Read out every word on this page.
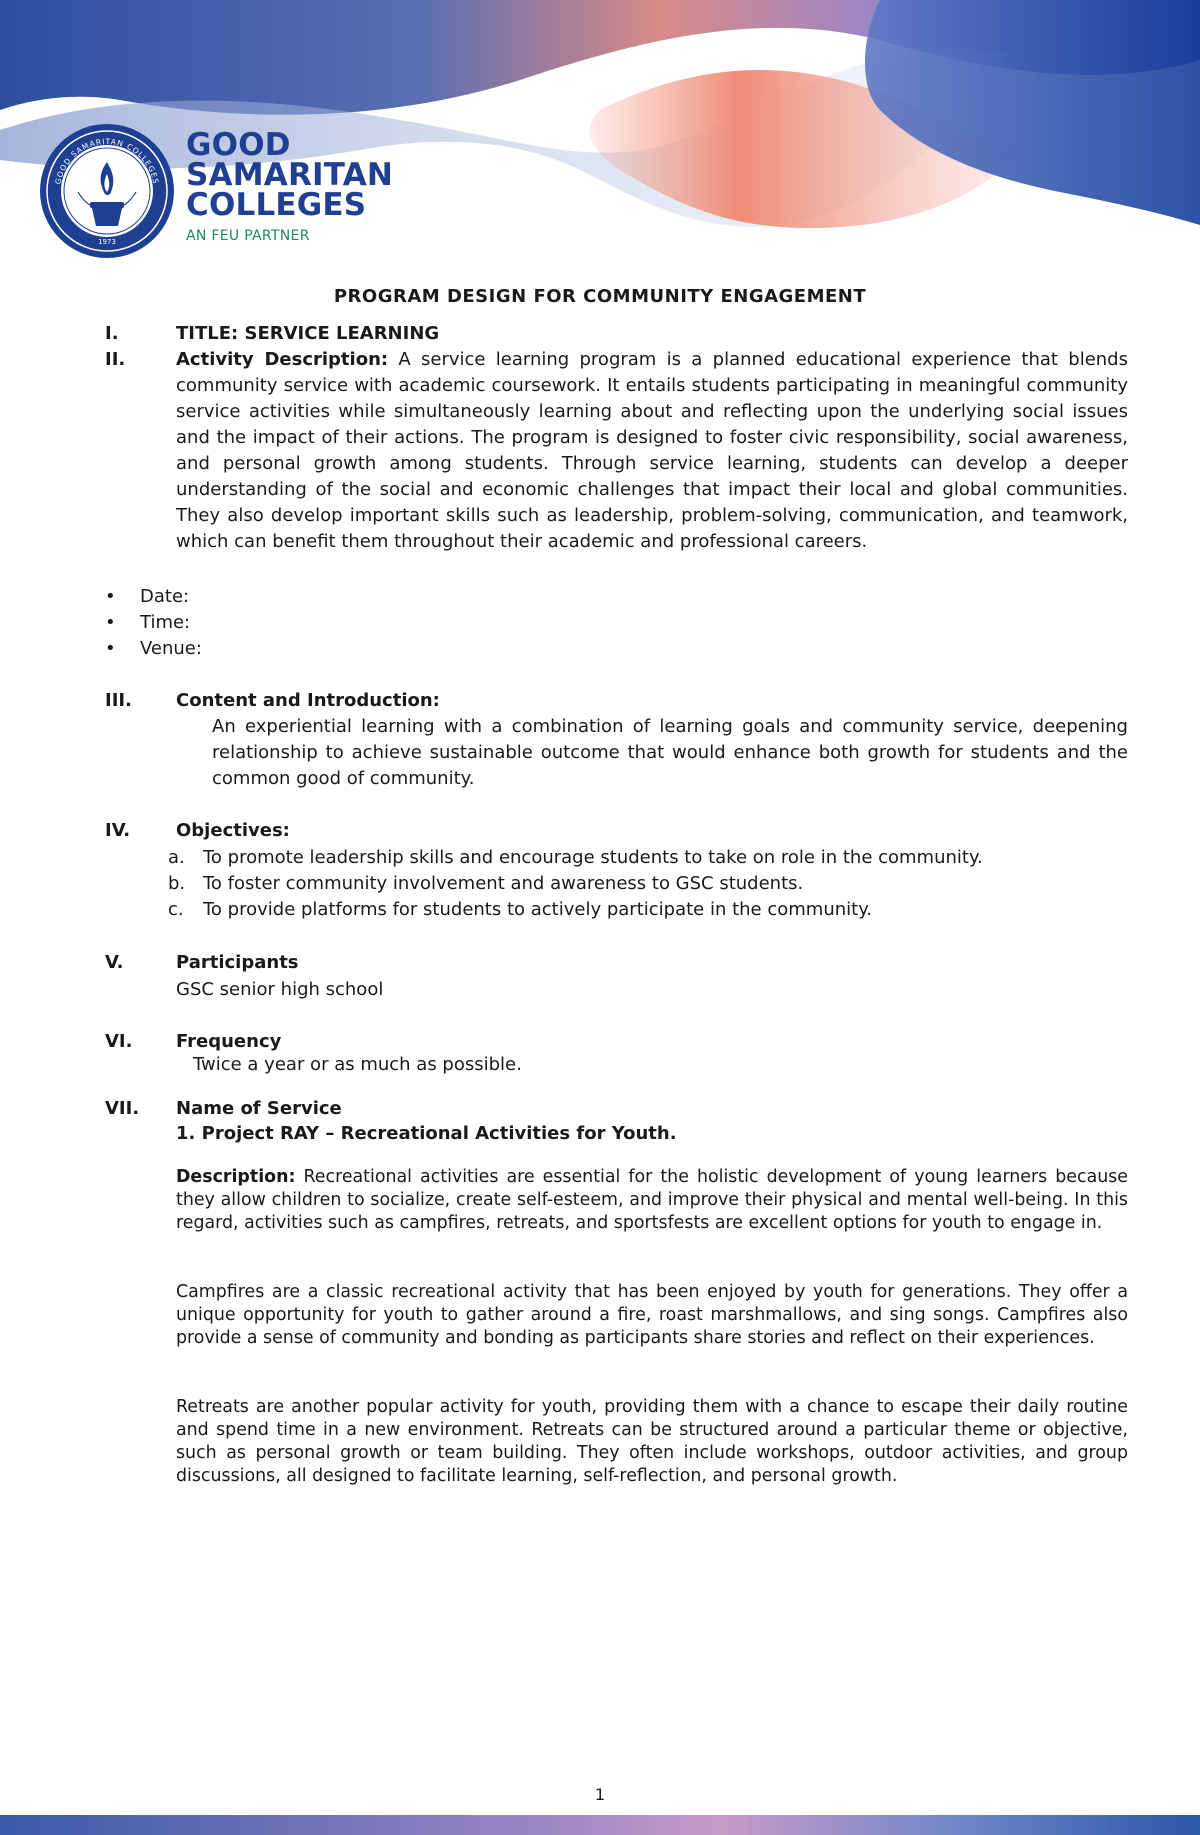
1973
GOOD SAMARITAN COLLEGES
GOOD
SAMARITAN
COLLEGES
AN FEU PARTNER
PROGRAM DESIGN FOR COMMUNITY ENGAGEMENT
I.	TITLE: SERVICE LEARNING
II.	Activity Description: A service learning program is a planned educational experience that blends community service with academic coursework. It entails students participating in meaningful community service activities while simultaneously learning about and reflecting upon the underlying social issues and the impact of their actions. The program is designed to foster civic responsibility, social awareness, and personal growth among students. Through service learning, students can develop a deeper understanding of the social and economic challenges that impact their local and global communities. They also develop important skills such as leadership, problem-solving, communication, and teamwork, which can benefit them throughout their academic and professional careers.
• Date:
• Time:
• Venue:
III. Content and Introduction:
An experiential learning with a combination of learning goals and community service, deepening relationship to achieve sustainable outcome that would enhance both growth for students and the common good of community.
IV.	Objectives:
a. To promote leadership skills and encourage students to take on role in the community.
b. To foster community involvement and awareness to GSC students.
c. To provide platforms for students to actively participate in the community.
V.	Participants
GSC senior high school
VI. Frequency
Twice a year or as much as possible.
VII. Name of Service
1. Project RAY – Recreational Activities for Youth.
Description: Recreational activities are essential for the holistic development of young learners because they allow children to socialize, create self-esteem, and improve their physical and mental well-being. In this regard, activities such as campfires, retreats, and sportsfests are excellent options for youth to engage in.
Campfires are a classic recreational activity that has been enjoyed by youth for generations. They offer a unique opportunity for youth to gather around a fire, roast marshmallows, and sing songs. Campfires also provide a sense of community and bonding as participants share stories and reflect on their experiences.
Retreats are another popular activity for youth, providing them with a chance to escape their daily routine and spend time in a new environment. Retreats can be structured around a particular theme or objective, such as personal growth or team building. They often include workshops, outdoor activities, and group discussions, all designed to facilitate learning, self-reflection, and personal growth.
1
